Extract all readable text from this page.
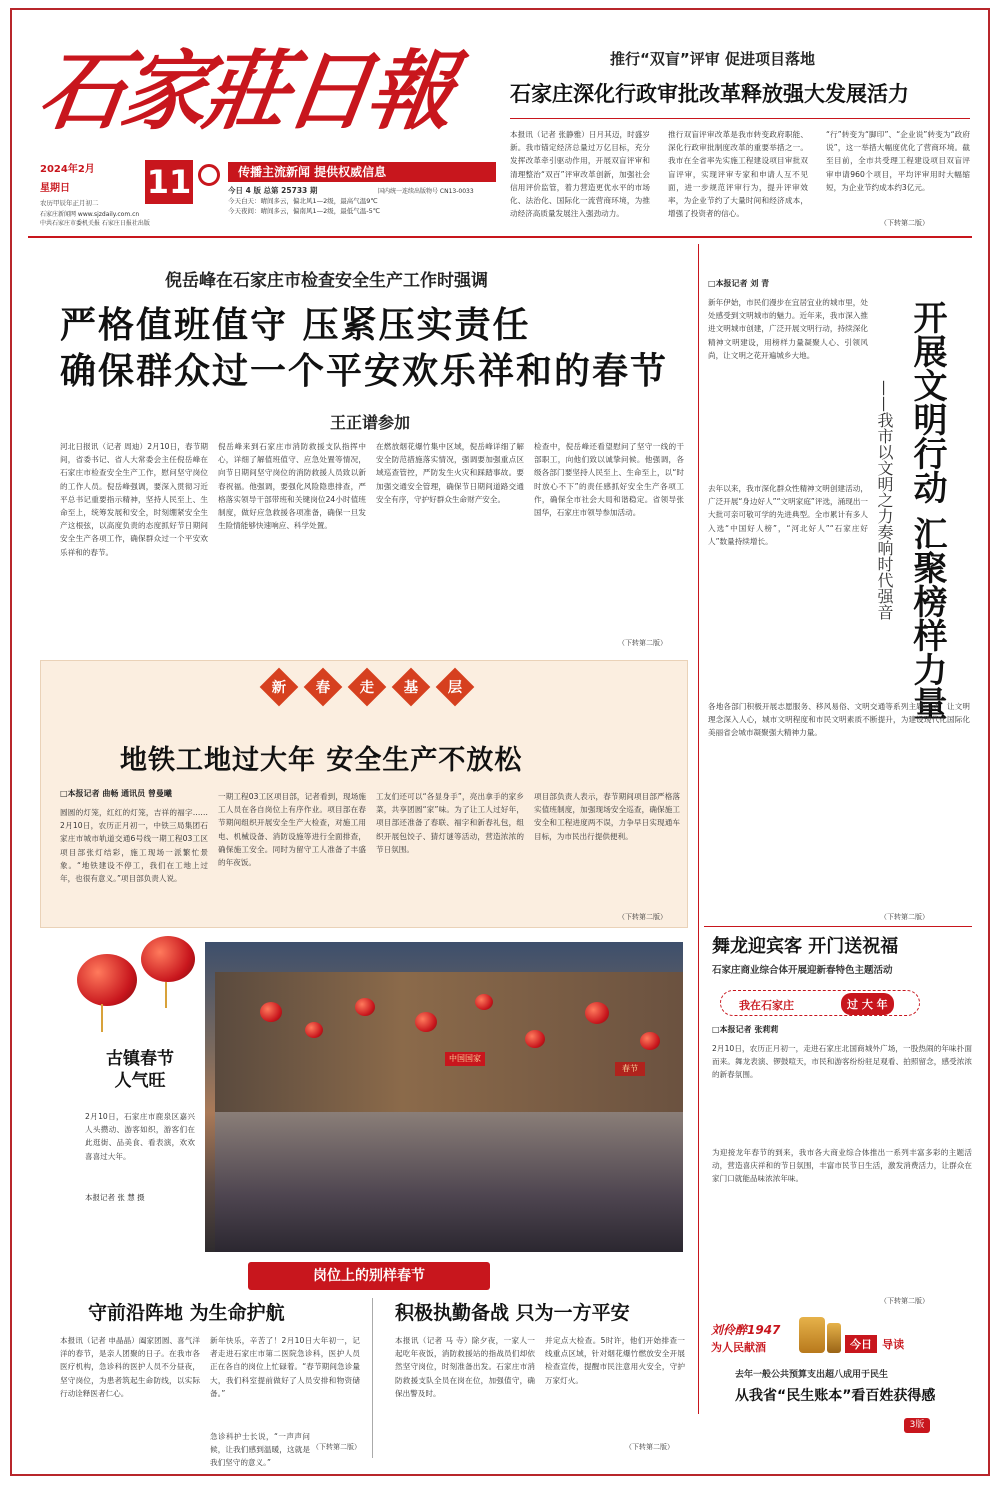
石家莊日報
2024年2月
星期日
农历甲辰年正月初二
11
石家庄新闻网 www.sjzdaily.com.cn
中共石家庄市委机关报 石家庄日报社出版
传播主流新闻 提供权威信息
今日 4 版 总第 25733 期
今天白天：晴间多云，偏北风1—2级，最高气温9℃
今天夜间：晴间多云，偏南风1—2级，最低气温-5℃
国内统一连续出版物号 CN13-0033
推行“双盲”评审 促进项目落地
石家庄深化行政审批改革释放强大发展活力
本报讯（记者 张静雅）日月其迈，时盛岁新。我市锚定经济总量过万亿目标，充分发挥改革牵引驱动作用，开展双盲评审和清理整治“双百”评审改革创新，加强社会信用评价监管，着力营造更优水平的市场化、法治化、国际化一流营商环境，为推动经济高质量发展注入强劲动力。
推行双盲评审改革是我市转变政府职能、深化行政审批制度改革的重要举措之一。我市在全省率先实施工程建设项目审批双盲评审，实现评审专家和申请人互不见面，进一步规范评审行为，提升评审效率，为企业节约了大量时间和经济成本，增强了投资者的信心。
“行”转变为“脚印”、“企业说”转变为“政府说”，这一举措大幅度优化了营商环境。截至目前，全市共受理工程建设项目双盲评审申请960个项目，平均评审用时大幅缩短，为企业节约成本约3亿元。
（下转第二版）
倪岳峰在石家庄市检查安全生产工作时强调
严格值班值守 压紧压实责任
确保群众过一个平安欢乐祥和的春节
王正谱参加
河北日报讯（记者 周迪）2月10日，春节期间，省委书记、省人大常委会主任倪岳峰在石家庄市检查安全生产工作，慰问坚守岗位的工作人员。倪岳峰强调，要深入贯彻习近平总书记重要指示精神，坚持人民至上、生命至上，统筹发展和安全，时刻绷紧安全生产这根弦，以高度负责的态度抓好节日期间安全生产各项工作，确保群众过一个平安欢乐祥和的春节。
倪岳峰来到石家庄市消防救援支队指挥中心，详细了解值班值守、应急处置等情况，向节日期间坚守岗位的消防救援人员致以新春祝福。他强调，要强化风险隐患排查，严格落实领导干部带班和关键岗位24小时值班制度，做好应急救援各项准备，确保一旦发生险情能够快速响应、科学处置。
在燃放烟花爆竹集中区域，倪岳峰详细了解安全防范措施落实情况，强调要加强重点区域巡查管控，严防发生火灾和踩踏事故。要加强交通安全管理，确保节日期间道路交通安全有序，守护好群众生命财产安全。
检查中，倪岳峰还看望慰问了坚守一线的干部职工，向他们致以诚挚问候。他强调，各级各部门要坚持人民至上、生命至上，以“时时放心不下”的责任感抓好安全生产各项工作，确保全市社会大局和谐稳定。省领导张国华，石家庄市领导参加活动。
（下转第二版）
新 春 走 基	层
地铁工地过大年 安全生产不放松
□本报记者 曲畅 通讯员 曾曼曦
圆圆的灯笼，红红的灯笼，吉祥的福字……2月10日，农历正月初一，中铁三局集团石家庄市城市轨道交通6号线一期工程03工区项目部张灯结彩，施工现场一派繁忙景象。“地铁建设不停工，我们在工地上过年，也很有意义。”项目部负责人说。
一期工程03工区项目部，记者看到，现场施工人员在各自岗位上有序作业。项目部在春节期间组织开展安全生产大检查，对施工用电、机械设备、消防设施等进行全面排查，确保施工安全。同时为留守工人准备了丰盛的年夜饭。
工友们还可以“各显身手”，亮出拿手的家乡菜，共享团圆“家”味。为了让工人过好年，项目部还准备了春联、福字和新春礼包，组织开展包饺子、猜灯谜等活动，营造浓浓的节日氛围。
项目部负责人表示，春节期间项目部严格落实值班制度，加强现场安全巡查，确保施工安全和工程进度两不误，力争早日实现通车目标，为市民出行提供便利。
（下转第二版）
中国国家
春节
古镇春节
人气旺
2月10日，石家庄市鹿泉区嘉兴人头攒动、游客如织，游客们在此逛街、品美食、看表演，欢欢喜喜过大年。
本报记者 张 慧 摄
岗位上的别样春节
守前沿阵地 为生命护航
本报讯（记者 申晶晶）阖家团圆、喜气洋洋的春节，是亲人团聚的日子。在我市各医疗机构，急诊科的医护人员不分昼夜，坚守岗位，为患者筑起生命防线，以实际行动诠释医者仁心。
新年快乐，辛苦了！2月10日大年初一，记者走进石家庄市第二医院急诊科，医护人员正在各自的岗位上忙碌着。“春节期间急诊量大，我们科室提前做好了人员安排和物资储备。”
急诊科护士长说，“一声声问候，让我们感到温暖，这就是我们坚守的意义。”
（下转第二版）
积极执勤备战 只为一方平安
本报讯（记者 马 寺）除夕夜，一家人一起吃年夜饭，消防救援站的指战员们却依然坚守岗位，时刻准备出发。石家庄市消防救援支队全员在岗在位，加强值守，确保出警及时。
并定点大检查。5时许，他们开始排查一线重点区域，针对烟花爆竹燃放安全开展检查宣传，提醒市民注意用火安全，守护万家灯火。
（下转第二版）
□本报记者 刘 青
开展文明行动 汇聚榜样力量
——我市以文明之力奏响时代强音
新年伊始，市民们漫步在宜居宜业的城市里，处处感受到文明城市的魅力。近年来，我市深入推进文明城市创建，广泛开展文明行动，持续深化精神文明建设，用榜样力量凝聚人心、引领风尚，让文明之花开遍城乡大地。
去年以来，我市深化群众性精神文明创建活动，广泛开展“身边好人”“文明家庭”评选，涌现出一大批可亲可敬可学的先进典型。全市累计有多人入选“中国好人榜”，“河北好人”“石家庄好人”数量持续增长。
各地各部门积极开展志愿服务、移风易俗、文明交通等系列主题活动，让文明理念深入人心，城市文明程度和市民文明素质不断提升，为建设现代化国际化美丽省会城市凝聚强大精神力量。
（下转第二版）
舞龙迎宾客 开门送祝福
石家庄商业综合体开展迎新春特色主题活动
我在石家庄	过 大 年
□本报记者 张莉莉
2月10日，农历正月初一，走进石家庄北国商城外广场，一股热闹的年味扑面而来。舞龙表演、锣鼓喧天，市民和游客纷纷驻足观看、拍照留念，感受浓浓的新春氛围。
为迎接龙年春节的到来，我市各大商业综合体推出一系列丰富多彩的主题活动，营造喜庆祥和的节日氛围，丰富市民节日生活，激发消费活力，让群众在家门口就能品味浓浓年味。
（下转第二版）
刘伶醉1947
为人民献酒	今日 导读
去年一般公共预算支出超八成用于民生
从我省“民生账本”看百姓获得感
3版
